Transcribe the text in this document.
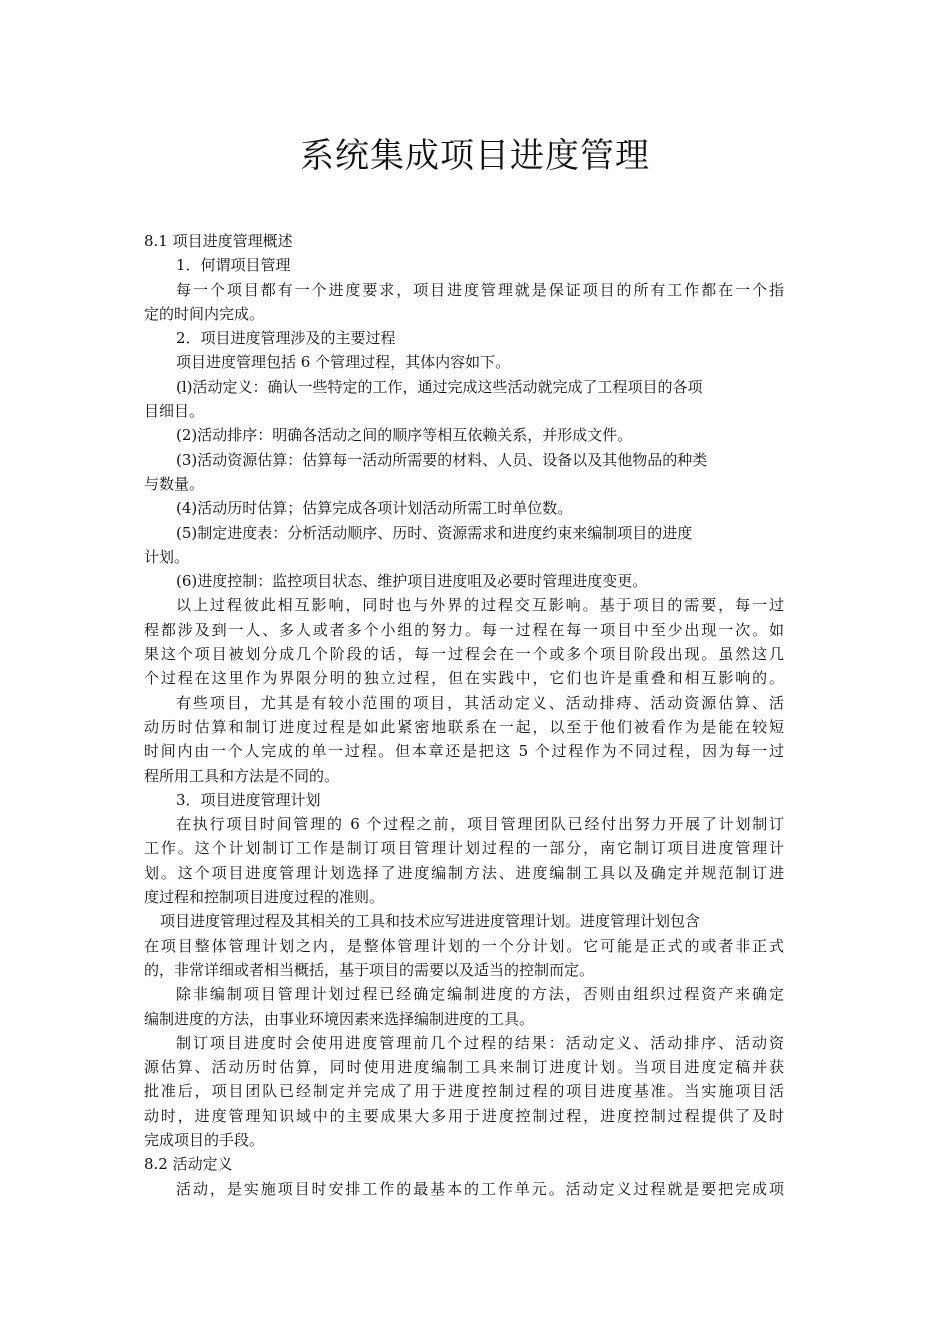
系统集成项目进度管理
8.1 项目进度管理概述
1．何谓项目管理
每一个项目都有一个进度要求，项目进度管理就是保证项目的所有工作都在一个指
定的时间内完成。
2．项目进度管理涉及的主要过程
项目进度管理包括 6 个管理过程，其体内容如下。
(l)活动定义：确认一些特定的工作，通过完成这些活动就完成了工程项目的各项
目细目。
(2)活动排序：明确各活动之间的顺序等相互依赖关系，并形成文件。
(3)活动资源估算：估算每一活动所需要的材料、人员、设备以及其他物品的种类
与数量。
(4)活动历时估算；估算完成各项计划活动所需工时单位数。
(5)制定进度表：分析活动顺序、历时、资源需求和进度约束来编制项目的进度
计划。
(6)进度控制：监控项目状态、维护项目进度咀及必要时管理进度变更。
以上过程彼此相互影响，同时也与外界的过程交互影响。基于项目的需要，每一过
程都涉及到一人、多人或者多个小组的努力。每一过程在每一项目中至少出现一次。如
果这个项目被划分成几个阶段的话，每一过程会在一个或多个项目阶段出现。虽然这几
个过程在这里作为界限分明的独立过程，但在实践中，它们也许是重叠和相互影响的。
有些项目，尤其是有较小范围的项目，其活动定义、活动排痔、活动资源估算、活
动历时估算和制订进度过程是如此紧密地联系在一起，以至于他们被看作为是能在较短
时间内由一个人完成的单一过程。但本章还是把这 5 个过程作为不同过程，因为每一过
程所用工具和方法是不同的。
3．项目进度管理计划
在执行项目时间管理的 6 个过程之前，项目管理团队已经付出努力开展了计划制订
工作。这个计划制订工作是制订项目管理计划过程的一部分，南它制订项目进度管理计
划。这个项目进度管理计划选择了进度编制方法、进度编制工具以及确定并规范制订进
度过程和控制项目进度过程的准则。
项目进度管理过程及其相关的工具和技术应写进进度管理计划。进度管理计划包含
在项目整体管理计划之内，是整体管理计划的一个分计划。它可能是正式的或者非正式
的，非常详细或者相当概括，基于项目的需要以及适当的控制而定。
除非编制项目管理计划过程已经确定编制进度的方法，否则由组织过程资产来确定
编制进度的方法，由事业环境因素来选择编制进度的工具。
制订项目进度时会使用进度管理前几个过程的结果：活动定义、活动排序、活动资
源估算、活动历时估算，同时使用进度编制工具来制订进度计划。当项目进度定稿并获
批准后，项目团队已经制定并完成了用于进度控制过程的项目进度基准。当实施项目活
动时，进度管理知识域中的主要成果大多用于进度控制过程，进度控制过程提供了及时
完成项目的手段。
8.2 活动定义
活动，是实施项目时安排工作的最基本的工作单元。活动定义过程就是要把完成项
